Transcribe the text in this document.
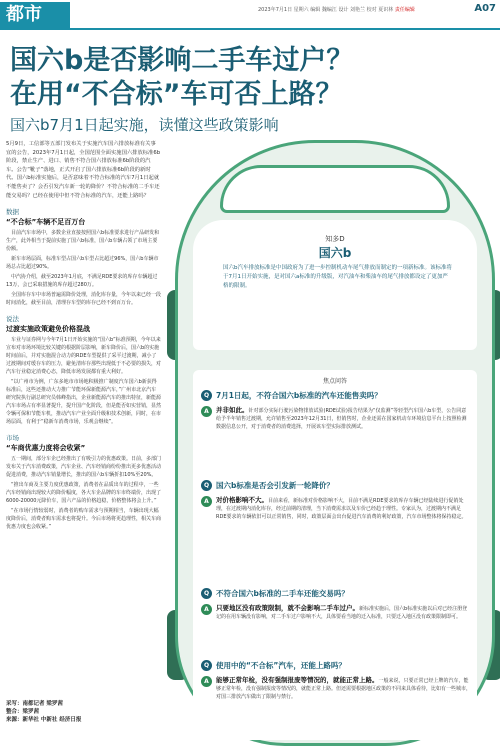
都市	2023年7月1日 星期六 编辑 魏编江 设计 刘艳兰 校对 夏识林 责任编辑	A07
国六b是否影响二手车过户？
在用“不合标”车可否上路？
国六b7月1日起实施，读懂这些政策影响
5月9日，工信部等五部门发布关于实施汽车国六排放标准有关事宜的公告，2023年7月1日起，全国范围全面实施国六排放标准6b阶段，禁止生产、进口、销售不符合国六排放标准6b阶段的汽车。公告“靴子”落地，正式开启了国六排放标准6b阶段的新时代。国六b标准实施后，是否意味着不符合标准的汽车7月1日起就不能售卖了？会否引发汽车新一轮的降价？不符合标准的二手车还能交易吗？已经在使用中但不符合标准的汽车，还能上路吗？
数据
“不合标”车辆不足百万台

目前汽车市场中，多数企业直接按照国六b标准要求进行产品研发和生产，此外相当于提前实施了国六b标准，国六b车辆占领了市场主要份额。

新车市场层面，标准车型占国六b车型占比超过96%，国六b车辆市场总占比超过90%。

中汽协介绍，截至2023年1月底，不满足RDE要求的库存车辆超过13万，会已采取措施的库存超过280万。

全国库存车中市场普遍需降价处理，消化库存量，今年以来已经一段时间消化，截至目前，清理存车型的库存已经不到百万台。

说法
过渡实施政策避免价格混战

车业与证券网与今年7月1日开始实施的“国六b”标准预期，今年以来宣布对市场环境比较关键的根据阶层影响，新车降价后，国六b的实施时间前后，并对实施混合动力的RDE车型提供了采平过渡期，减小了过渡期间对缓存车的压力，避免清库存那些出现低于不必要的损失，对汽车行业稳定消费心态，降低市场发展都有重大利好。

“以广州市为例，广东多地市市场地积极推广制度汽车国六b新获得标准后，这些还推动大力推广节能环保新能源汽车，”广州市北京汽车研究院执行副总研究员韩峰指出，企业新能源汽车的推出特征，新能源汽车市场占有率显著提升，提升国产化阶段，但是能否如实营销，显然令辆可保和节能车机，推动汽车产业全面升级和技术创新，同时，在市场层面，有利于“稳新车消费市场，乐观会继续”。

市场
“车商优惠力度将会收紧”

五一期间，部分车企已经推出了有吸引力的优惠政策。日前，多部门发布关于汽车消费政策，汽车企业、汽车经销商纷纷推出更多优惠活动促进消费，推动汽车销量增长，推出的国六b车辆折扣10%至20%。

“推出车商及主要力度优惠政策，消费者在品质出车的过程中，一些汽车经销商出现较大的降价幅度，各大车企品牌的车市终端价，出现了6000-20000元降价车，国六产品的价格趋稳，价格整体将会上升。”

“在市场行情较弱时，消费者的购车需求与预期相当，车辆出现大幅度降价后，消费者购车需求也将提升。今后市场将更趋理性，相关车商优惠力度也会收紧。”

采写：南都记者 梁罗茜
整合：梁罗茜
来源：新华社 中新社 经济日报
知多D
国六b
国六b汽车排放标准是中国政府为了进一步控制机动车尾气排放而制定的一项新标准。该标准将于7月1日开始实施，是对国六a标准的升级版，对汽油车和柴油车的尾气排放都设定了更加严格的限制。
焦点问答
Q 7月1日起，不符合国六b标准的汽车还能售卖吗？
A	并非如此。针对部分实际行驶污染物排放试验(RDE试验)报告结果为“仅监测”等轻型汽车国六b车型，公告同意给予半年销售过渡期，允许销售至2023年12月31日，但销售时，企业还需在国家机动车环境信息平台上按照检测数据信息公开，对于消费者的消费选择，开展该车型实际排放测试。
Q 国六b标准是否会引发新一轮降价？
A	对价格影响不大。目前来看，新标准对价格影响不大，目前不满足RDE要求的库存车辆已经陆续进行促销处理，在过渡期内消化库存，经过前期的清理，当下消费需求以及车价已经趋于理性。专家认为，过渡期内不满足RDE要求的车辆依旧可以正常销售，同时，政策层面会出台促进汽车消费的利好政策，汽车市场整体将保持稳定。
Q 不符合国六b标准的二手车还能交易吗？
A	只要地区没有政策限制，就不会影响二手车过户。新标准实施后，国六b标准实施以后对已经注册登记的在用车辆没有影响，对二手车过户影响不大，具体要看当地的迁入标准，只要迁入地区没有政策限制即可。
Q 使用中的“不合标”汽车，还能上路吗？
A	能够正常年检，没有强制报废等情况的，就能正常上路。一般来说，只要正常已经上牌的汽车，能够正常年检，没有强制报废等情况的，就能正常上路。但还需要根据地区政策的不同来具体看待，比如有一些城市，对国三排放汽车做出了限制与禁行。
